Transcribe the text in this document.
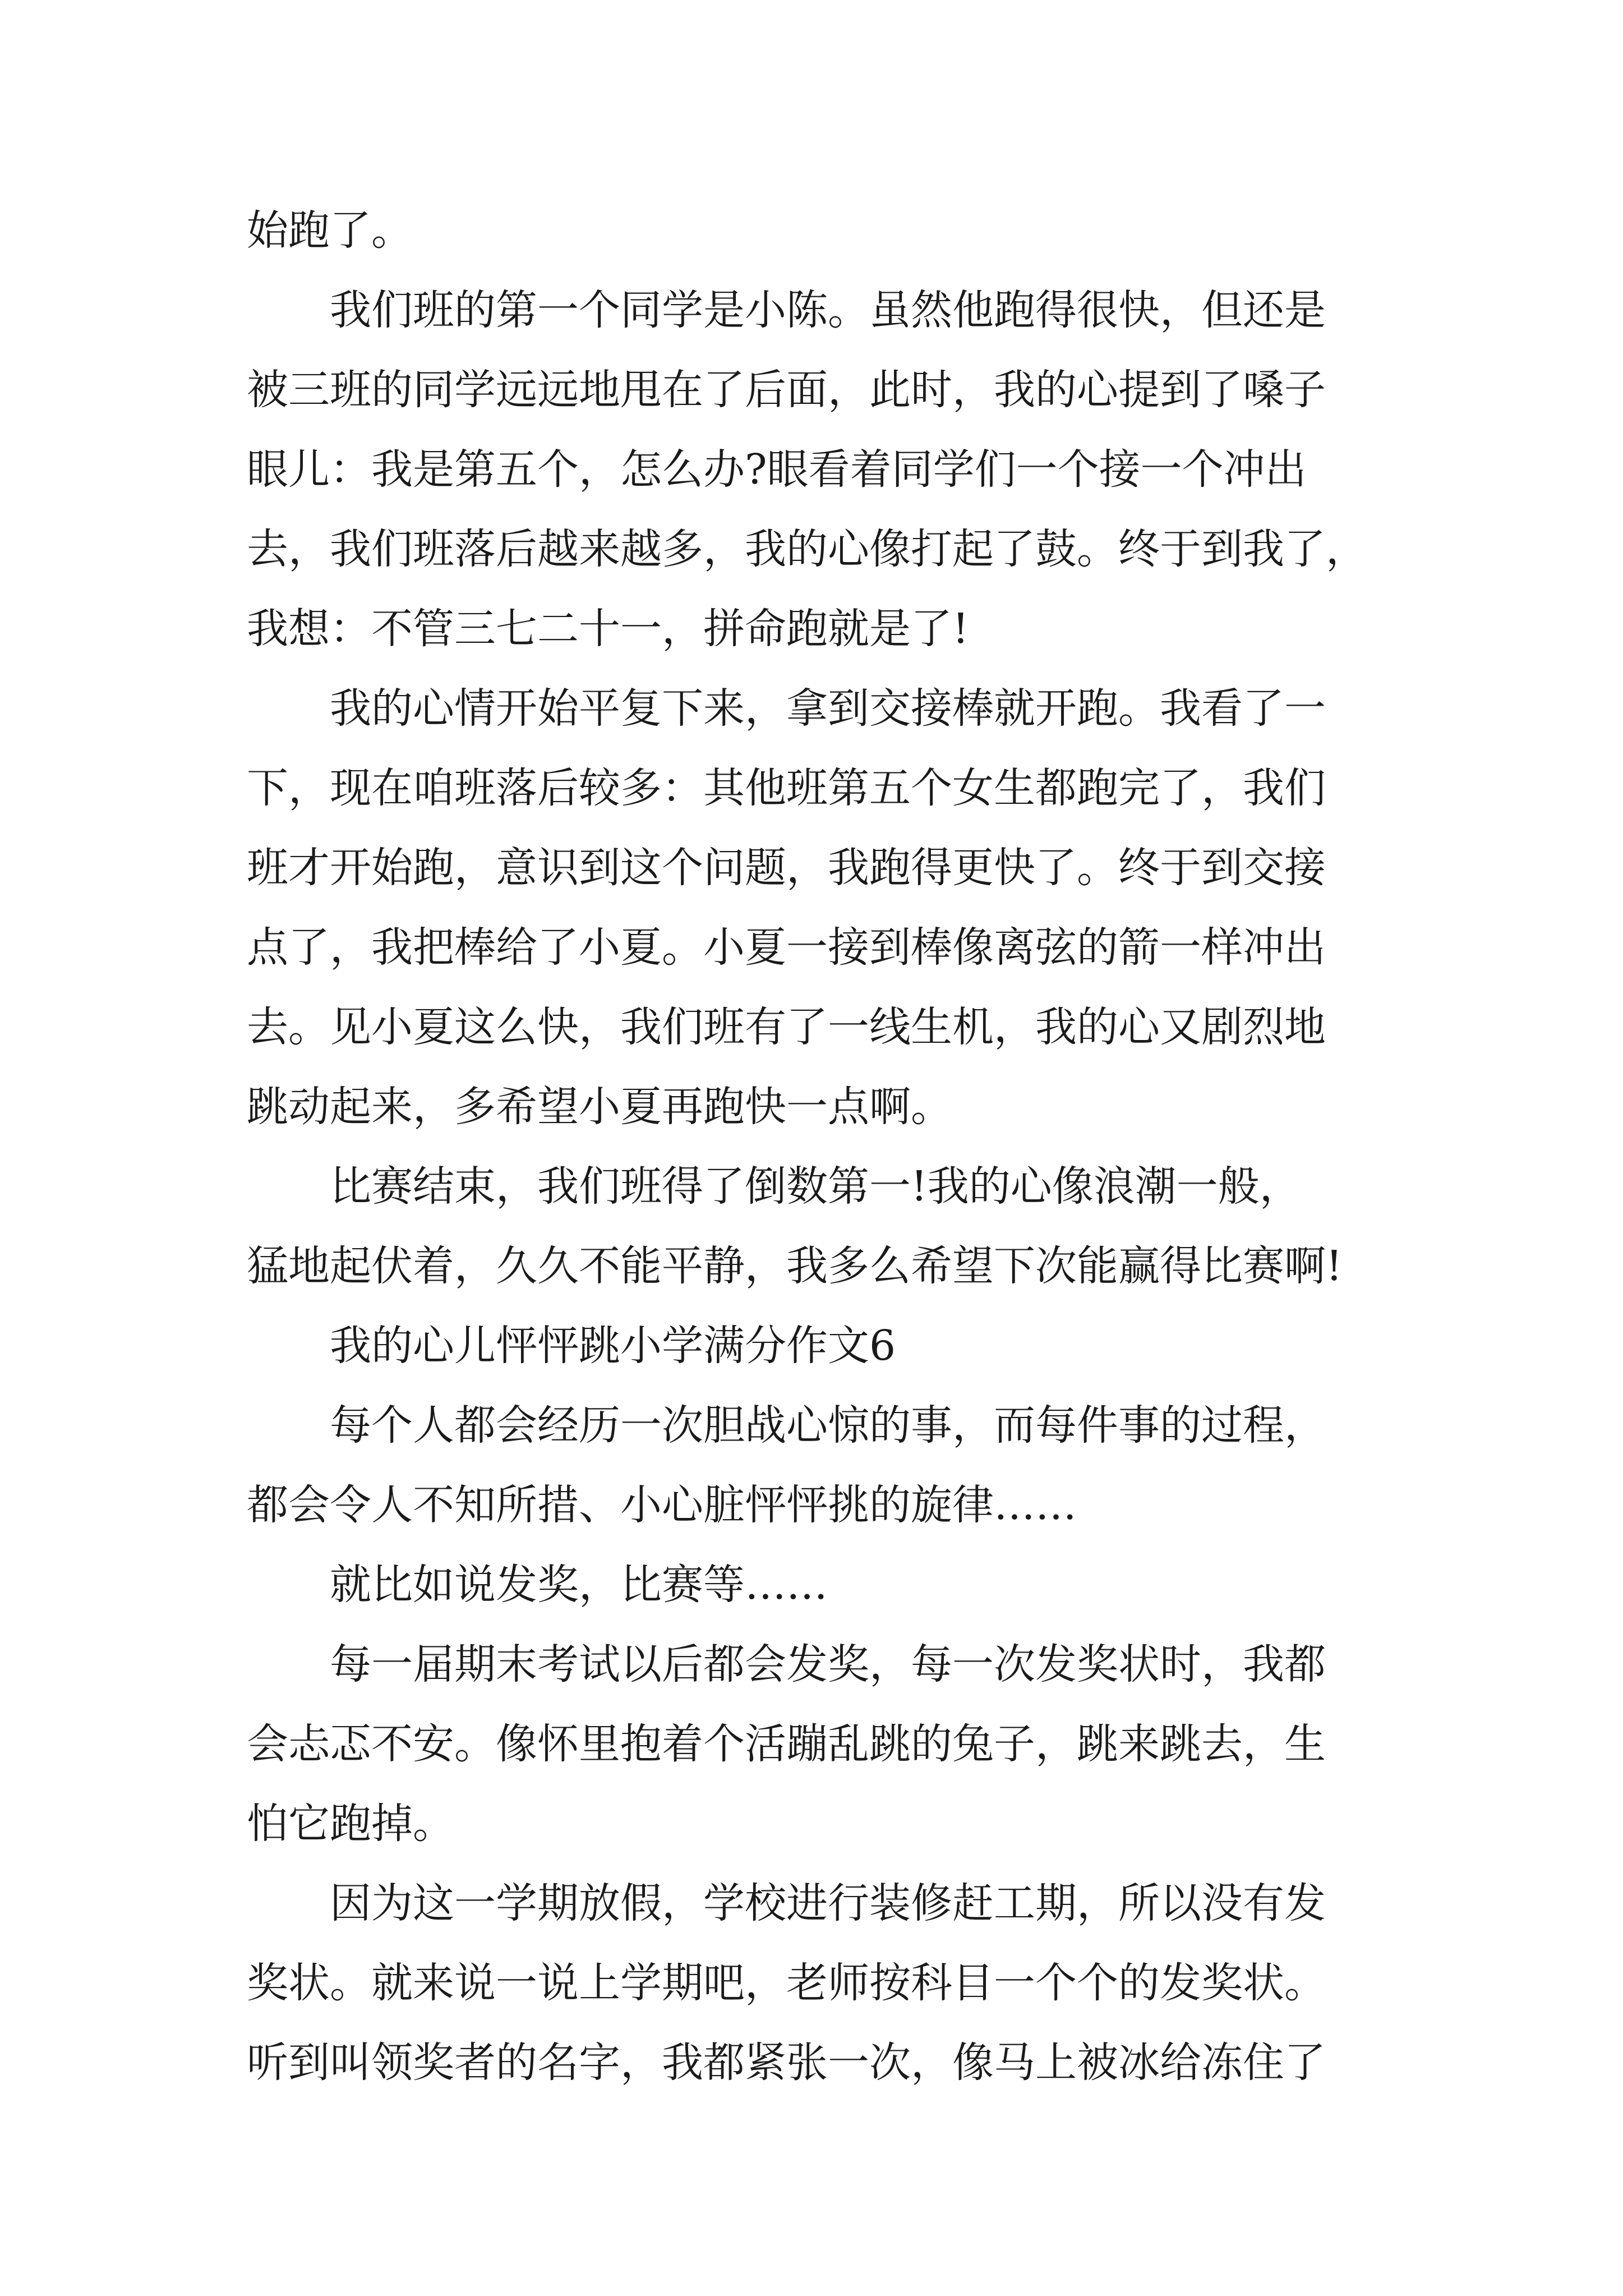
始跑了。
我们班的第一个同学是小陈。虽然他跑得很快，但还是
被三班的同学远远地甩在了后面，此时，我的心提到了嗓子
眼儿：我是第五个，怎么办?眼看着同学们一个接一个冲出
去，我们班落后越来越多，我的心像打起了鼓。终于到我了，
我想：不管三七二十一，拼命跑就是了!
我的心情开始平复下来，拿到交接棒就开跑。我看了一
下，现在咱班落后较多：其他班第五个女生都跑完了，我们
班才开始跑，意识到这个问题，我跑得更快了。终于到交接
点了，我把棒给了小夏。小夏一接到棒像离弦的箭一样冲出
去。见小夏这么快，我们班有了一线生机，我的心又剧烈地
跳动起来，多希望小夏再跑快一点啊。
比赛结束，我们班得了倒数第一!我的心像浪潮一般，
猛地起伏着，久久不能平静，我多么希望下次能赢得比赛啊!
我的心儿怦怦跳小学满分作文6
每个人都会经历一次胆战心惊的事，而每件事的过程，
都会令人不知所措、小心脏怦怦挑的旋律……
就比如说发奖，比赛等……
每一届期末考试以后都会发奖，每一次发奖状时，我都
会忐忑不安。像怀里抱着个活蹦乱跳的兔子，跳来跳去，生
怕它跑掉。
因为这一学期放假，学校进行装修赶工期，所以没有发
奖状。就来说一说上学期吧，老师按科目一个个的发奖状。
听到叫领奖者的名字，我都紧张一次，像马上被冰给冻住了
